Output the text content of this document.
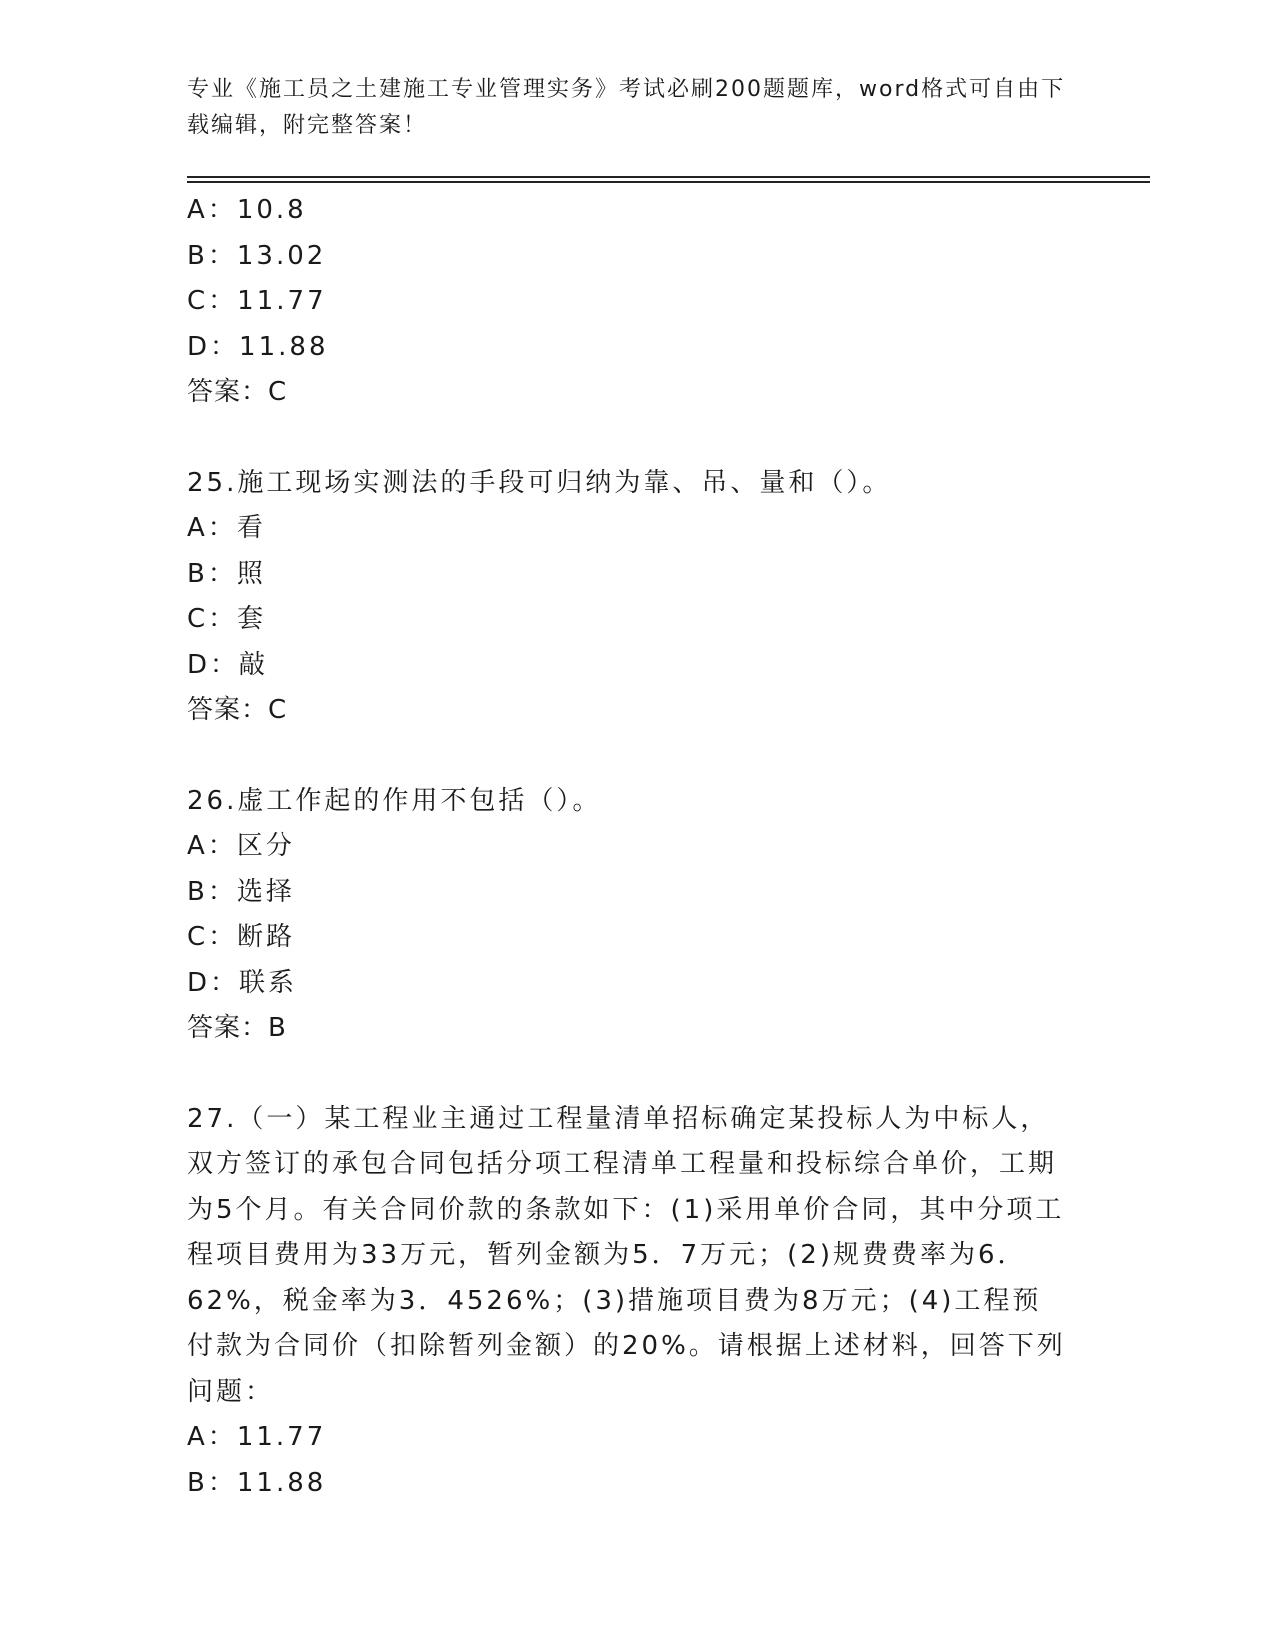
专业《施工员之土建施工专业管理实务》考试必刷200题题库，word格式可自由下载编辑，附完整答案！
A：10.8
B：13.02
C：11.77
D：11.88
答案：C
25.施工现场实测法的手段可归纳为靠、吊、量和（）。
A：看
B：照
C：套
D：敲
答案：C
26.虚工作起的作用不包括（）。
A：区分
B：选择
C：断路
D：联系
答案：B
27.（一）某工程业主通过工程量清单招标确定某投标人为中标人，双方签订的承包合同包括分项工程清单工程量和投标综合单价，工期为5个月。有关合同价款的条款如下：(1)采用单价合同，其中分项工程项目费用为33万元，暂列金额为5．7万元；(2)规费费率为6．62%，税金率为3．4526%；(3)措施项目费为8万元；(4)工程预付款为合同价（扣除暂列金额）的20%。请根据上述材料，回答下列问题：
A：11.77
B：11.88
